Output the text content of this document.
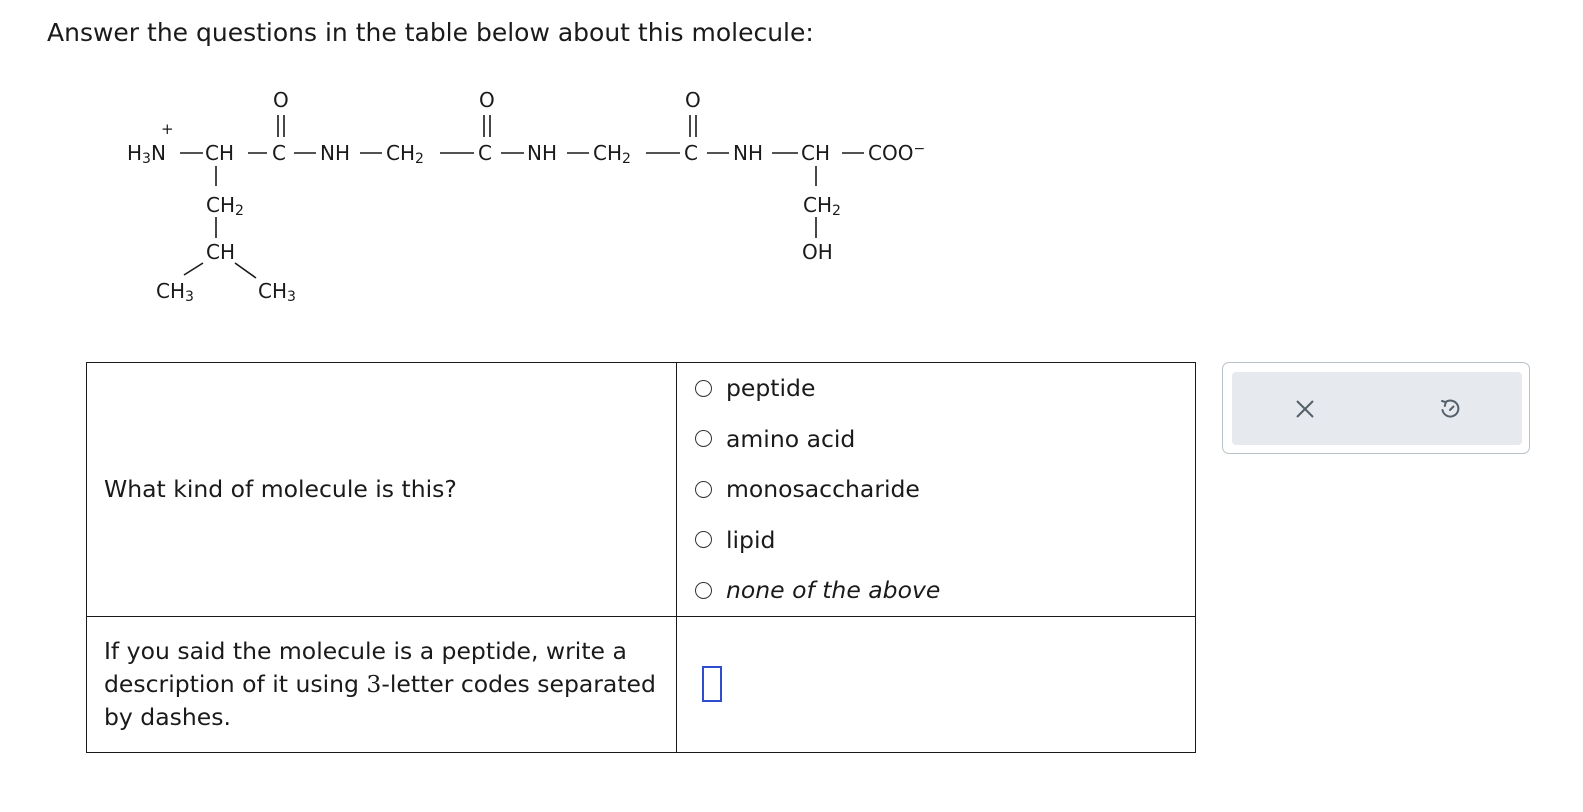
Answer the questions in the table below about this molecule:
O	O	O
+
$H_3N$ CH C NH $CH_2$	C NH $CH_2$	C NH CH COO−
$CH_2$
CH
$CH_3$	$CH_3$
$CH_2$
OH
What kind of molecule is this?	peptide
amino acid
monosaccharide
lipid
none of the above

If you said the molecule is a peptide, write a description of it using 3-letter codes separated by dashes.	
